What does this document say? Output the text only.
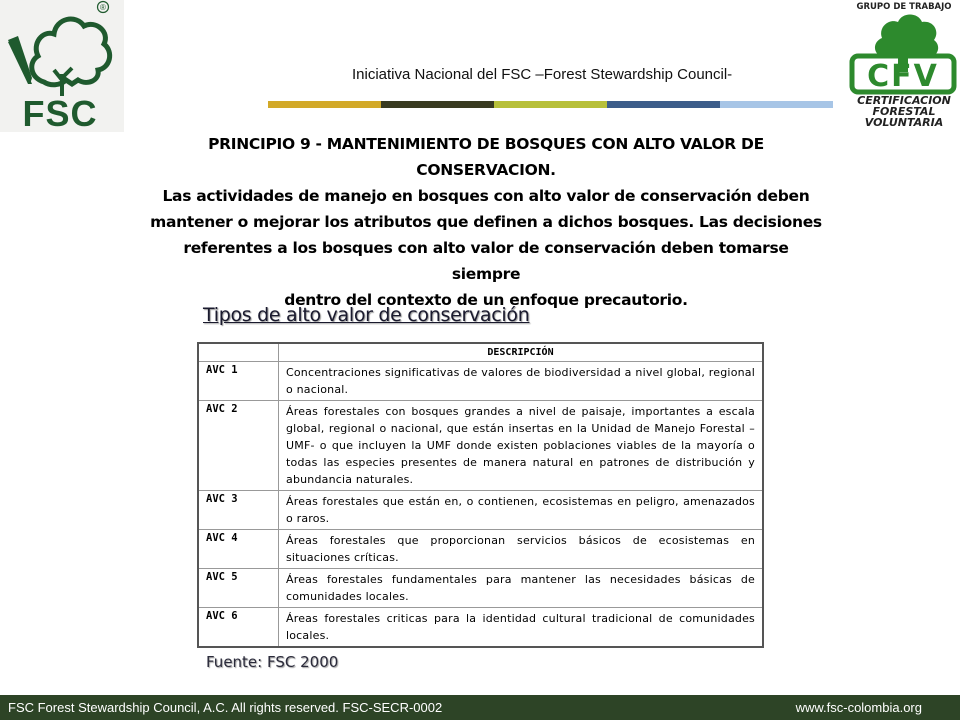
®
FSC
GRUPO DE TRABAJO
CFV
CERTIFICACION
FORESTAL
VOLUNTARIA
Iniciativa Nacional del FSC –Forest Stewardship Council-
PRINCIPIO 9 - MANTENIMIENTO DE BOSQUES CON ALTO VALOR DE
CONSERVACION.
Las actividades de manejo en bosques con alto valor de conservación deben
mantener o mejorar los atributos que definen a dichos bosques. Las decisiones
referentes a los bosques con alto valor de conservación deben tomarse siempre
dentro del contexto de un enfoque precautorio.
Tipos de alto valor de conservación
	DESCRIPCIÓN
AVC 1	Concentraciones significativas de valores de biodiversidad a nivel global, regional o nacional.
AVC 2	Áreas forestales con bosques grandes a nivel de paisaje, importantes a escala global, regional o nacional, que están insertas en la Unidad de Manejo Forestal –UMF- o que incluyen la UMF donde existen poblaciones viables de la mayoría o todas las especies presentes de manera natural en patrones de distribución y abundancia naturales.
AVC 3	Áreas forestales que están en, o contienen, ecosistemas en peligro, amenazados o raros.
AVC 4	Áreas forestales que proporcionan servicios básicos de ecosistemas en situaciones críticas.
AVC 5	Áreas forestales fundamentales para mantener las necesidades básicas de comunidades locales.
AVC 6	Áreas forestales criticas para la identidad cultural tradicional de comunidades locales.
Fuente: FSC 2000
FSC Forest Stewardship Council, A.C. All rights reserved. FSC-SECR-0002	www.fsc-colombia.org
